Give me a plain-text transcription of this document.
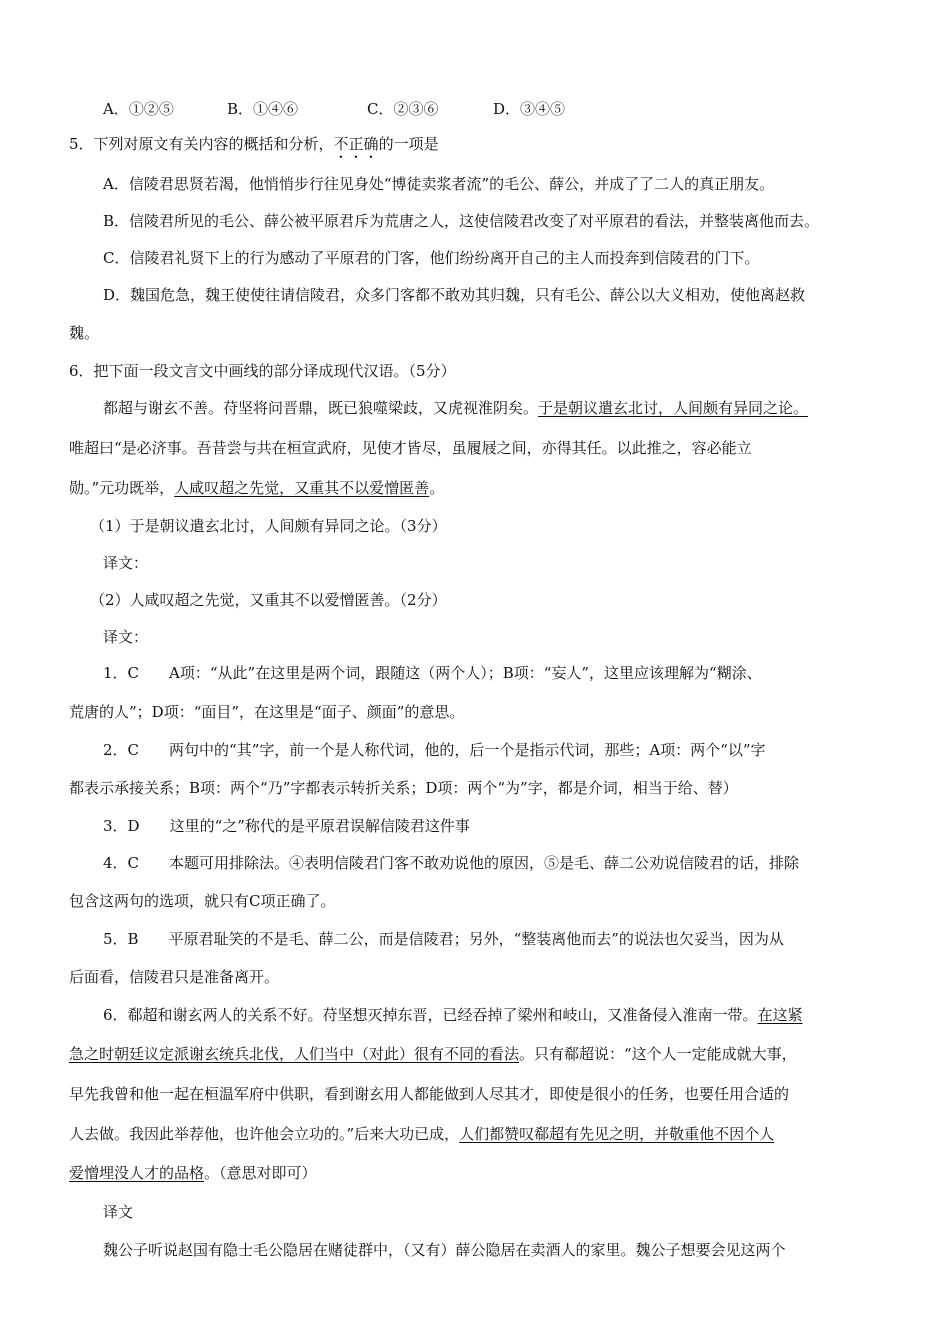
A．①②⑤	B．①④⑥	C．②③⑥	D．③④⑤
5．下列对原文有关内容的概括和分析，不正确的一项是
A．信陵君思贤若渴，他悄悄步行往见身处“博徒卖浆者流”的毛公、薛公，并成了了二人的真正朋友。
B．信陵君所见的毛公、薛公被平原君斥为荒唐之人，这使信陵君改变了对平原君的看法，并整装离他而去。
C．信陵君礼贤下上的行为感动了平原君的门客，他们纷纷离开自己的主人而投奔到信陵君的门下。
D．魏国危急，魏王使使往请信陵君，众多门客都不敢劝其归魏，只有毛公、薛公以大义相劝，使他离赵救
魏。
6．把下面一段文言文中画线的部分译成现代汉语。（5分）
都超与谢玄不善。苻坚将问晋鼎，既已狼噬梁歧，又虎视淮阴矣。于是朝议遣玄北讨，人间颇有异同之论。
唯超曰“是必济事。吾昔尝与共在桓宣武府，见使才皆尽，虽履屐之间，亦得其任。以此推之，容必能立
勋。”元功既举，人咸叹超之先觉，又重其不以爱憎匿善。
（1）于是朝议遣玄北讨，人间颇有异同之论。（3分）
译文：
（2）人咸叹超之先觉，又重其不以爱憎匿善。（2分）
译文：
1．C　　A项：“从此”在这里是两个词，跟随这（两个人）；B项：“妄人”，这里应该理解为“糊涂、
荒唐的人”；D项：“面目”，在这里是“面子、颜面”的意思。
2．C　　两句中的“其”字，前一个是人称代词，他的，后一个是指示代词，那些；A项：两个“以”字
都表示承接关系；B项：两个“乃”字都表示转折关系；D项：两个“为”字，都是介词，相当于给、替）
3．D　　这里的“之”称代的是平原君误解信陵君这件事
4．C　　本题可用排除法。④表明信陵君门客不敢劝说他的原因，⑤是毛、薛二公劝说信陵君的话，排除
包含这两句的选项，就只有C项正确了。
5．B　　平原君耻笑的不是毛、薛二公，而是信陵君；另外，“整装离他而去”的说法也欠妥当，因为从
后面看，信陵君只是准备离开。
6．郗超和谢玄两人的关系不好。苻坚想灭掉东晋，已经吞掉了梁州和岐山，又准备侵入淮南一带。在这紧
急之时朝廷议定派谢玄统兵北伐，人们当中（对此）很有不同的看法。只有郗超说：“这个人一定能成就大事，
早先我曾和他一起在桓温军府中供职，看到谢玄用人都能做到人尽其才，即使是很小的任务，也要任用合适的
人去做。我因此举荐他，也许他会立功的。”后来大功已成，人们都赞叹郗超有先见之明，并敬重他不因个人
爱憎埋没人才的品格。（意思对即可）
译文
魏公子听说赵国有隐士毛公隐居在赌徒群中，（又有）薛公隐居在卖酒人的家里。魏公子想要会见这两个
